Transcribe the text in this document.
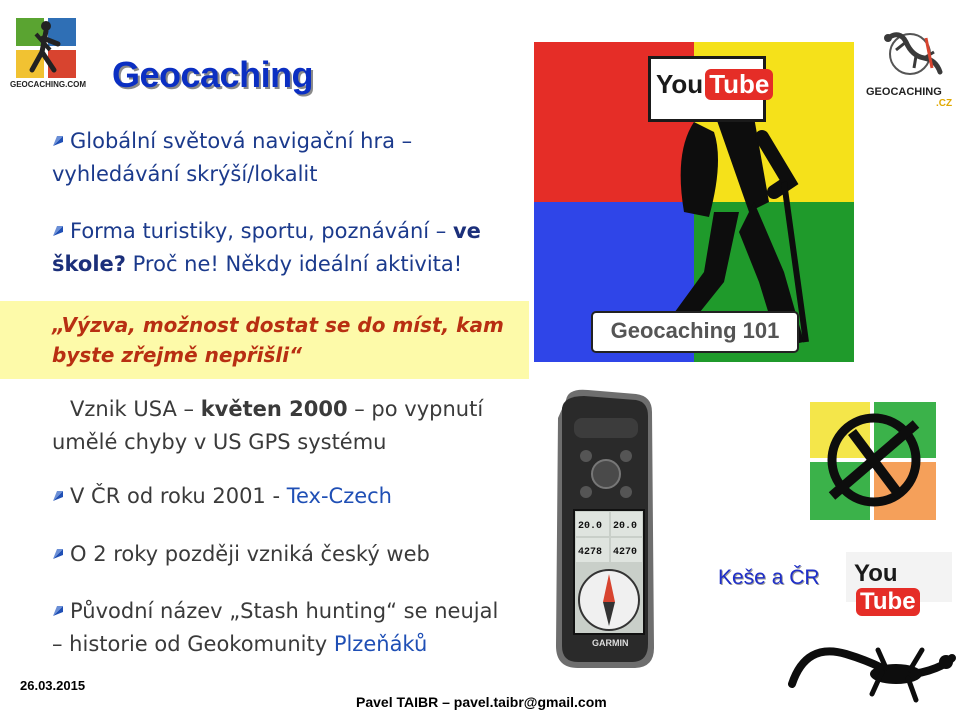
GEOCACHING.COM Geocaching
Globální světová navigační hra –
vyhledávání skrýší/lokalit
Forma turistiky, sportu, poznávání – ve
škole? Proč ne! Někdy ideální aktivita!
„Výzva, možnost dostat se do míst, kam
byste zřejmě nepřišli“
Vznik USA – květen 2000 – po vypnutí
umělé chyby v US GPS systému
V ČR od roku 2001 - Tex-Czech
O 2 roky později vzniká český web
Původní název „Stash hunting“ se neujal
– historie od Geokomunity Plzeňáků
You Tube
Geocaching 101
GEOCACHING
.CZ
20.0 20.0
4278 4270
GARMIN
Keše a ČR YouTube
26.03.2015
Pavel TAIBR – pavel.taibr@gmail.com
